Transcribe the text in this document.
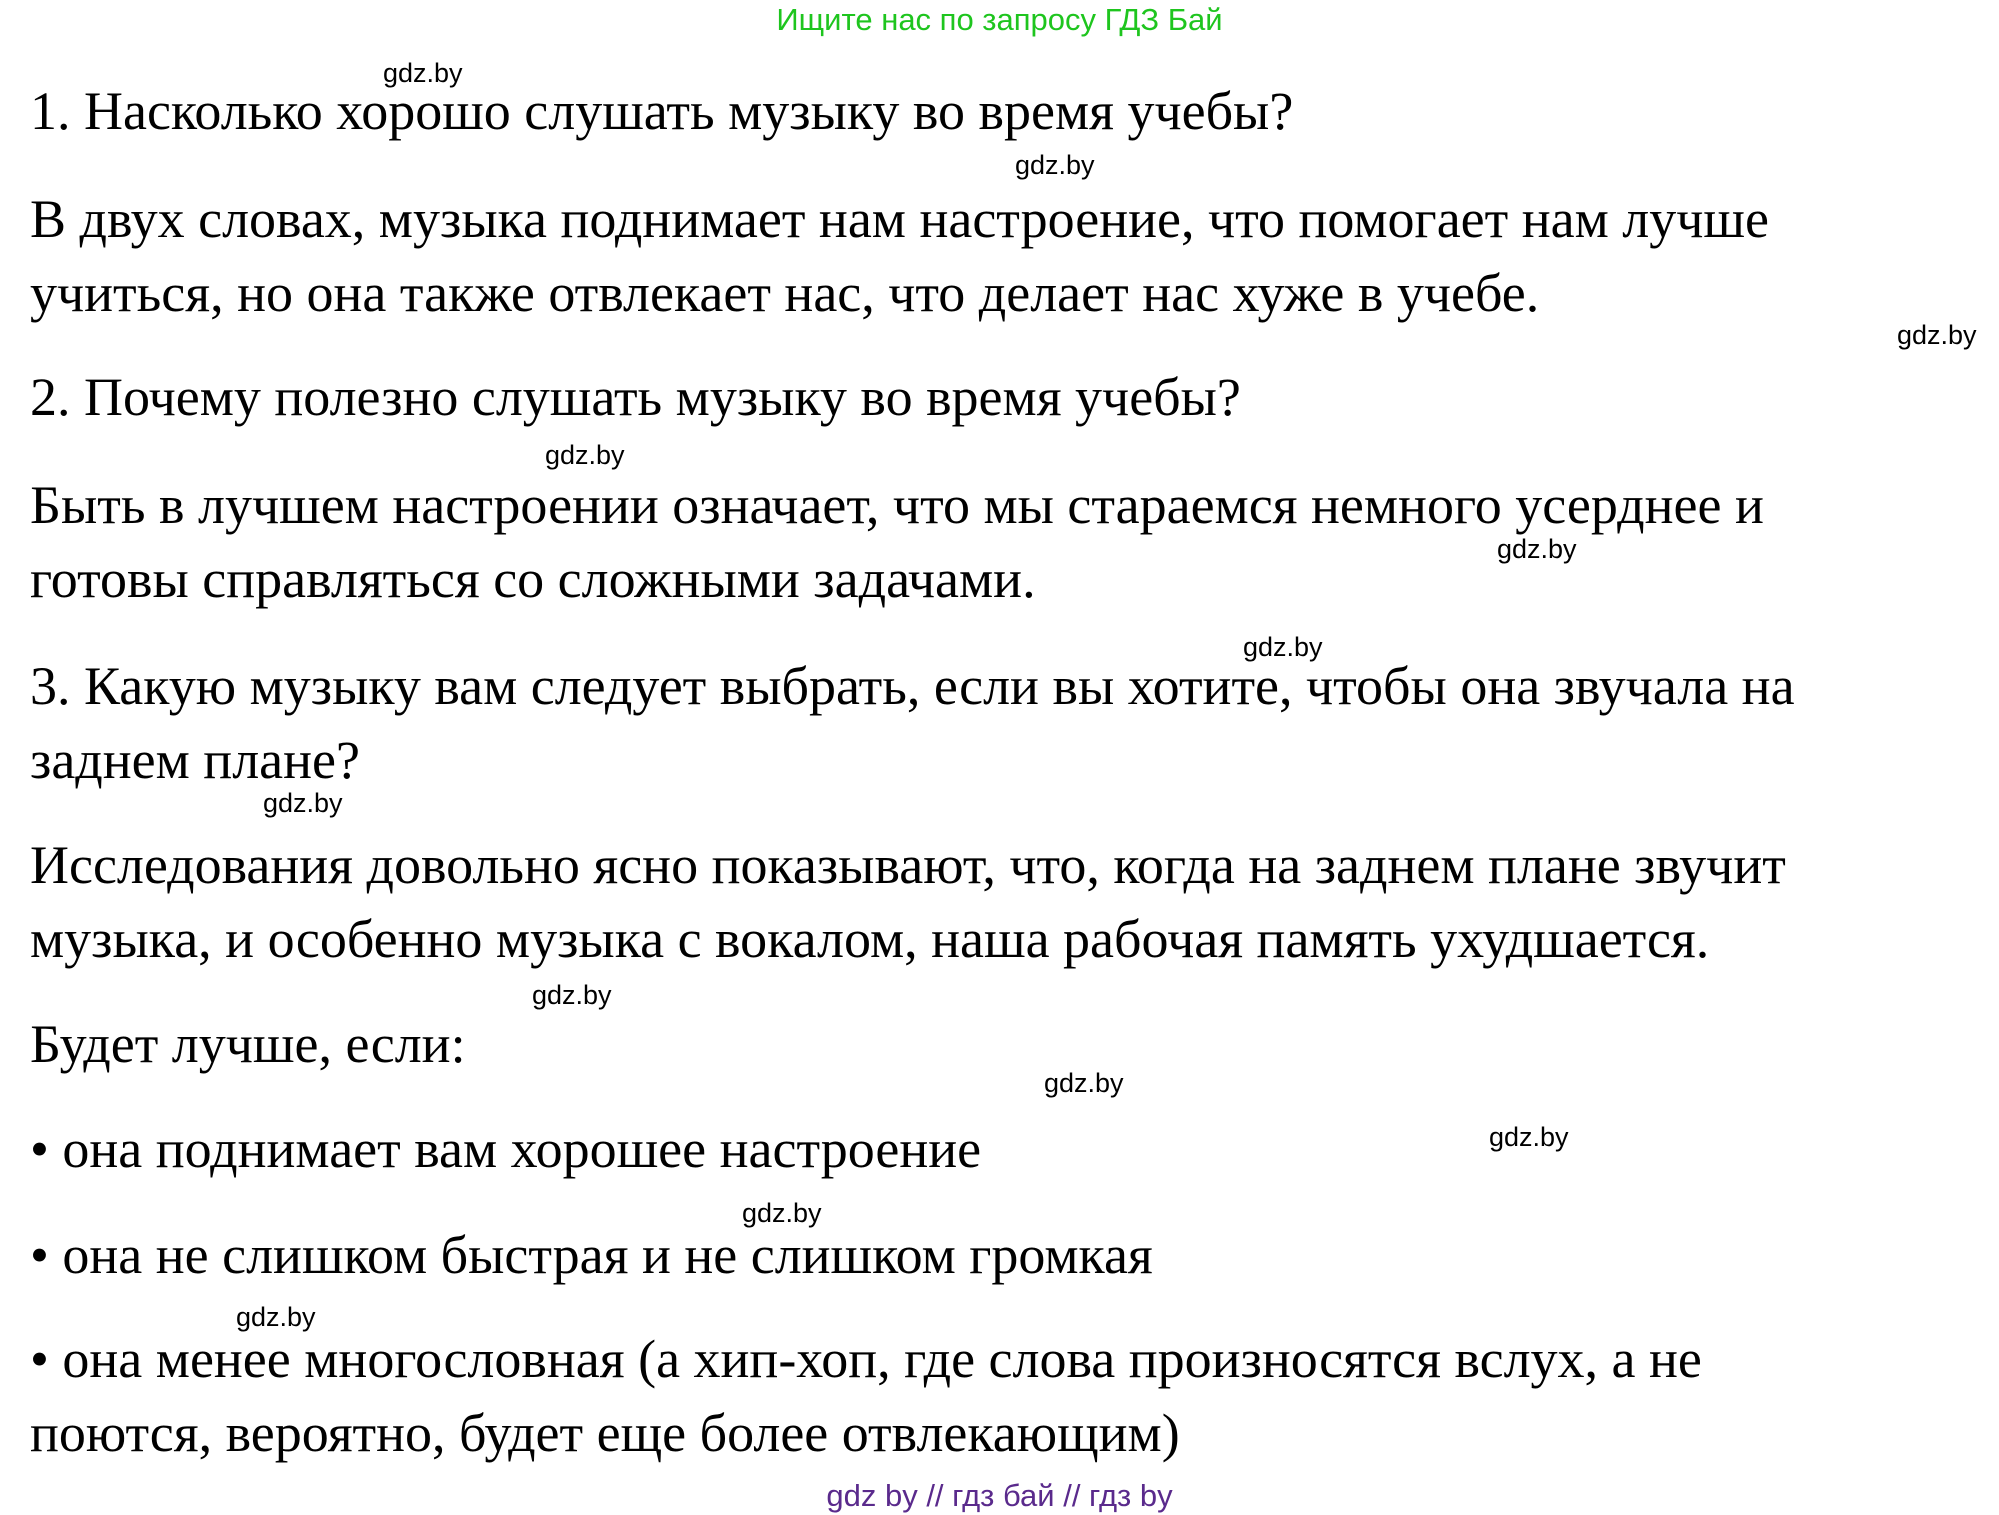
Ищите нас по запросу ГДЗ Бай
gdz.by
1. Насколько хорошо слушать музыку во время учебы?
gdz.by
В двух словах, музыка поднимает нам настроение, что помогает нам лучше
учиться, но она также отвлекает нас, что делает нас хуже в учебе.
gdz.by
2. Почему полезно слушать музыку во время учебы?
gdz.by
Быть в лучшем настроении означает, что мы стараемся немного усерднее и
gdz.by
готовы справляться со сложными задачами.
gdz.by
3. Какую музыку вам следует выбрать, если вы хотите, чтобы она звучала на
заднем плане?
gdz.by
Исследования довольно ясно показывают, что, когда на заднем плане звучит
музыка, и особенно музыка с вокалом, наша рабочая память ухудшается.
gdz.by
Будет лучше, если:
gdz.by
gdz.by
• она поднимает вам хорошее настроение
gdz.by
• она не слишком быстрая и не слишком громкая
gdz.by
• она менее многословная (а хип-хоп, где слова произносятся вслух, а не
поются, вероятно, будет еще более отвлекающим)
gdz by // гдз бай // гдз by
